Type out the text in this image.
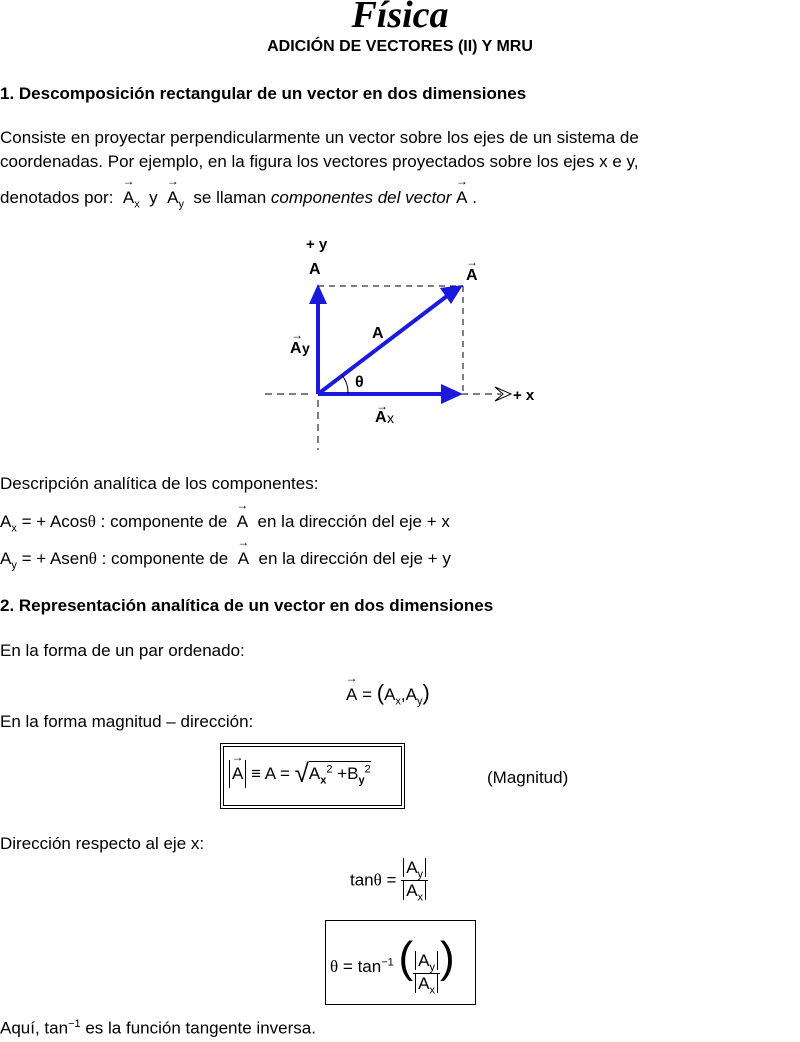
Física
ADICIÓN DE VECTORES (II) Y MRU
1. Descomposición rectangular de un vector en dos dimensiones
Consiste en proyectar perpendicularmente un vector sobre los ejes de un sistema de
coordenadas. Por ejemplo, en la figura los vectores proyectados sobre los ejes x e y,
denotados por:
→
$A_x$ y
→
$A_y$ se llaman componentes del vector
→
A .
+ y
A	→
A
→
A y
A
θ
→
A x
+ x
Descripción analítica de los componentes:
$A_x$ = + Acosθ : componente de
→
A en la dirección del eje + x
$A_y$ = + Asenθ : componente de
→
A en la dirección del eje + y
2. Representación analítica de un vector en dos dimensiones
En la forma de un par ordenado:
→
$A = (A_x,A_y)$
En la forma magnitud – dirección:
→
$A \equiv A = √A_x^2 +B_y^2$	(Magnitud)
Dirección respecto al eje x:
$\tan\theta = \frac{A_y}{A_x}$
$\theta = \tan^{-1}$ ( $\frac{A_y}{A_x}$ )
Aquí, $\tan^{-1}$ es la función tangente inversa.
